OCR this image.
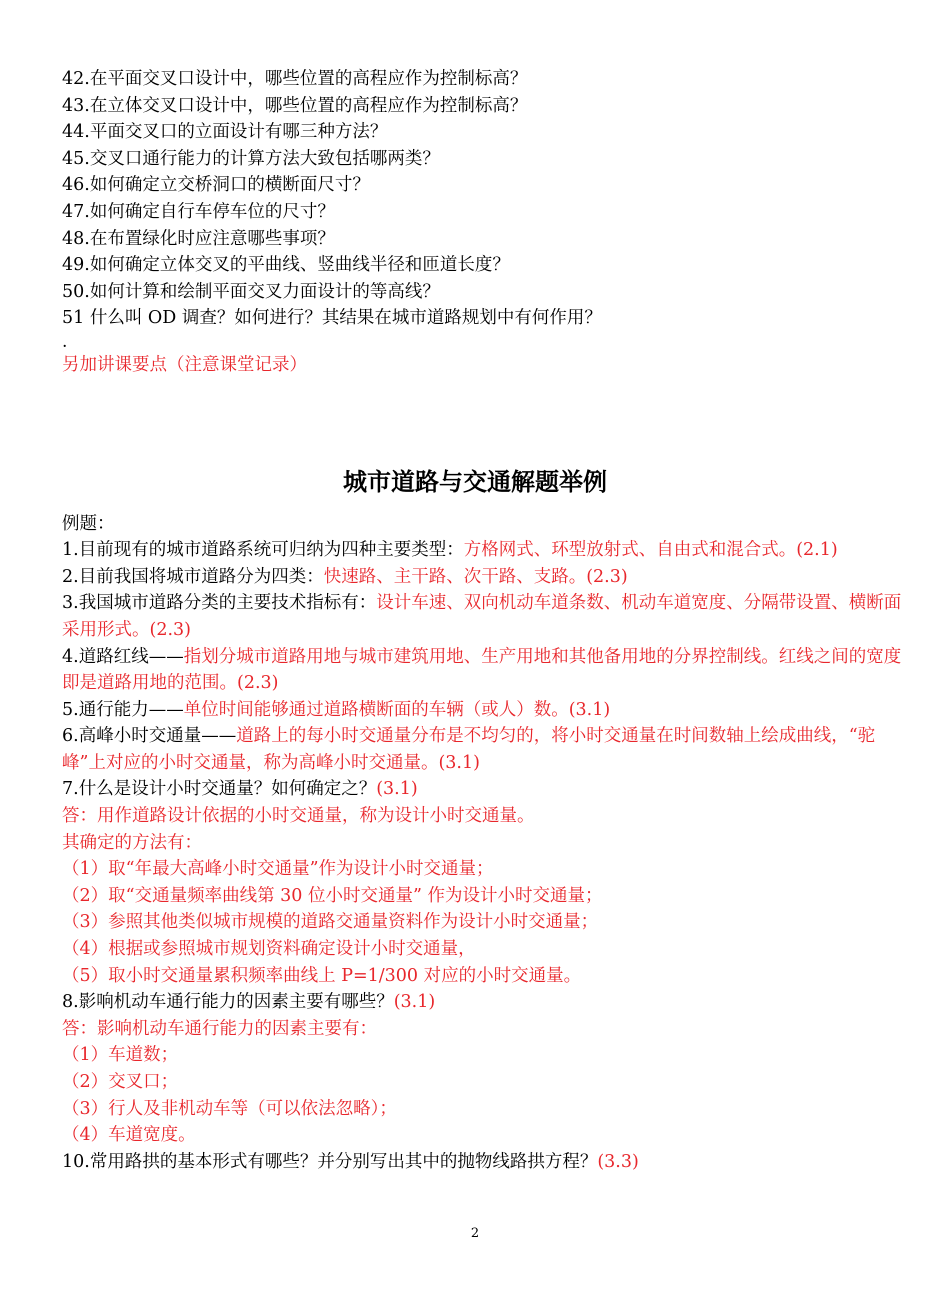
42.在平面交叉口设计中，哪些位置的高程应作为控制标高？
43.在立体交叉口设计中，哪些位置的高程应作为控制标高？
44.平面交叉口的立面设计有哪三种方法？
45.交叉口通行能力的计算方法大致包括哪两类？
46.如何确定立交桥洞口的横断面尺寸？
47.如何确定自行车停车位的尺寸？
48.在布置绿化时应注意哪些事项？
49.如何确定立体交叉的平曲线、竖曲线半径和匝道长度？
50.如何计算和绘制平面交叉力面设计的等高线？
51 什么叫 OD 调查？如何进行？其结果在城市道路规划中有何作用？
.
另加讲课要点（注意课堂记录）
城市道路与交通解题举例
例题：
1.目前现有的城市道路系统可归纳为四种主要类型：方格网式、环型放射式、自由式和混合式。(2.1)
2.目前我国将城市道路分为四类：快速路、主干路、次干路、支路。(2.3)
3.我国城市道路分类的主要技术指标有：设计车速、双向机动车道条数、机动车道宽度、分隔带设置、横断面采用形式。(2.3)
4.道路红线——指划分城市道路用地与城市建筑用地、生产用地和其他备用地的分界控制线。红线之间的宽度即是道路用地的范围。(2.3)
5.通行能力——单位时间能够通过道路横断面的车辆（或人）数。(3.1)
6.高峰小时交通量——道路上的每小时交通量分布是不均匀的，将小时交通量在时间数轴上绘成曲线，“驼峰”上对应的小时交通量，称为高峰小时交通量。(3.1)
7.什么是设计小时交通量？如何确定之？(3.1)
答：用作道路设计依据的小时交通量，称为设计小时交通量。
其确定的方法有：
（1）取“年最大高峰小时交通量”作为设计小时交通量；
（2）取“交通量频率曲线第 30 位小时交通量” 作为设计小时交通量；
（3）参照其他类似城市规模的道路交通量资料作为设计小时交通量；
（4）根据或参照城市规划资料确定设计小时交通量，
（5）取小时交通量累积频率曲线上 P=1/300 对应的小时交通量。
8.影响机动车通行能力的因素主要有哪些？(3.1)
答：影响机动车通行能力的因素主要有：
（1）车道数；
（2）交叉口；
（3）行人及非机动车等（可以依法忽略）；
（4）车道宽度。
10.常用路拱的基本形式有哪些？并分别写出其中的抛物线路拱方程？(3.3)
2
